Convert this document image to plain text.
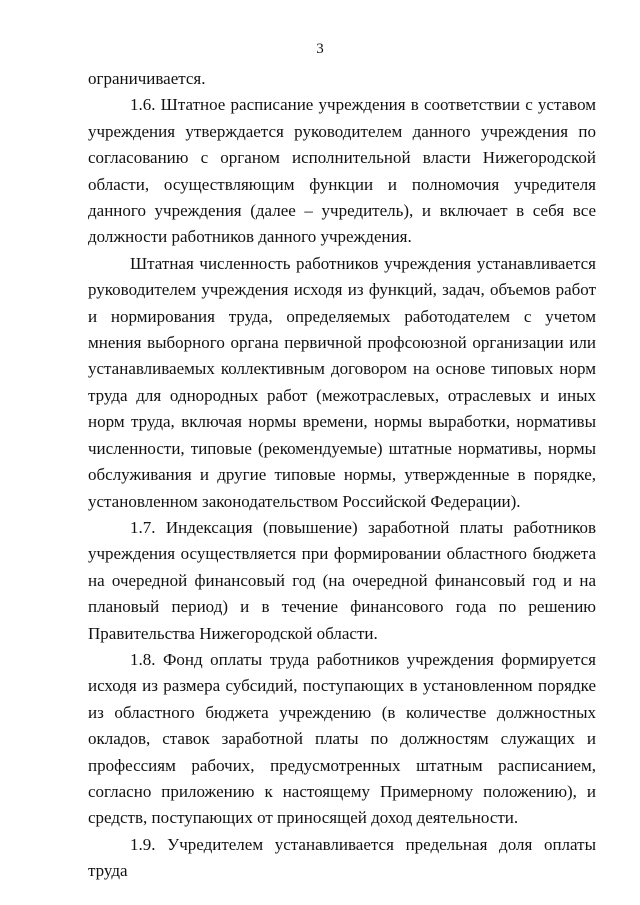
3

ограничивается.

1.6. Штатное расписание учреждения в соответствии с уставом учреждения утверждается руководителем данного учреждения по согласованию с органом исполнительной власти Нижегородской области, осуществляющим функции и полномочия учредителя данного учреждения (далее – учредитель), и включает в себя все должности работников данного учреждения.

Штатная численность работников учреждения устанавливается руководителем учреждения исходя из функций, задач, объемов работ и нормирования труда, определяемых работодателем с учетом мнения выборного органа первичной профсоюзной организации или устанавливаемых коллективным договором на основе типовых норм труда для однородных работ (межотраслевых, отраслевых и иных норм труда, включая нормы времени, нормы выработки, нормативы численности, типовые (рекомендуемые) штатные нормативы, нормы обслуживания и другие типовые нормы, утвержденные в порядке, установленном законодательством Российской Федерации).

1.7. Индексация (повышение) заработной платы работников учреждения осуществляется при формировании областного бюджета на очередной финансовый год (на очередной финансовый год и на плановый период) и в течение финансового года по решению Правительства Нижегородской области.

1.8. Фонд оплаты труда работников учреждения формируется исходя из размера субсидий, поступающих в установленном порядке из областного бюджета учреждению (в количестве должностных окладов, ставок заработной платы по должностям служащих и профессиям рабочих, предусмотренных штатным расписанием, согласно приложению к настоящему Примерному положению), и средств, поступающих от приносящей доход деятельности.

1.9. Учредителем устанавливается предельная доля оплаты труда
